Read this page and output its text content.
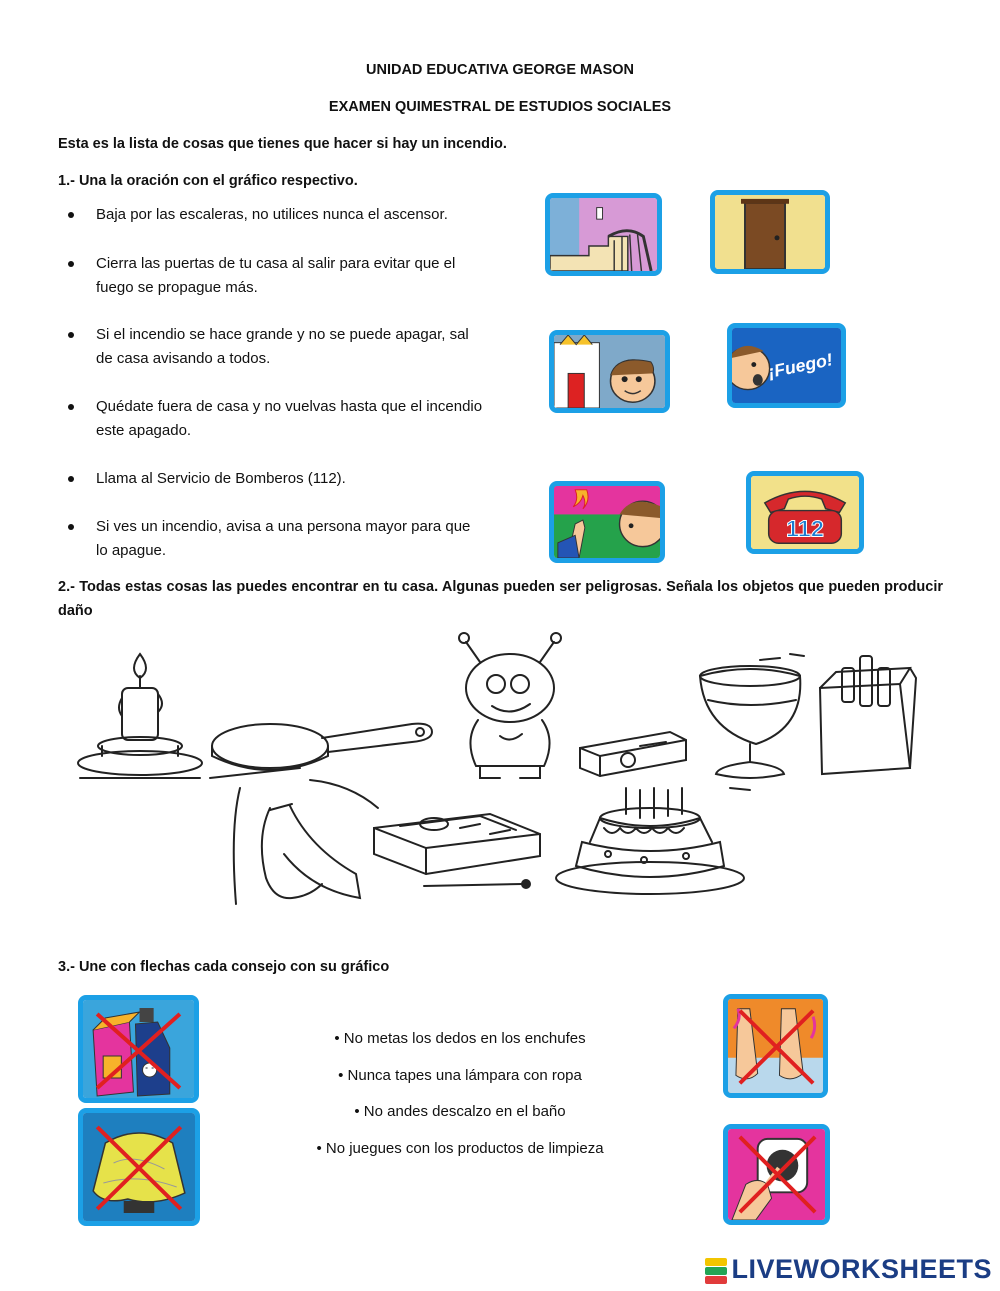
UNIDAD EDUCATIVA GEORGE MASON
EXAMEN QUIMESTRAL DE ESTUDIOS SOCIALES
Esta es la lista de cosas que tienes que hacer si hay un incendio.
1.- Una la oración con el gráfico respectivo.
Baja por las escaleras, no utilices nunca el ascensor.
Cierra las puertas de tu casa al salir para evitar que el fuego se propague más.
Si el incendio se hace grande y no se puede apagar, sal de casa avisando a todos.
Quédate fuera de casa y no vuelvas hasta que el incendio este apagado.
Llama al Servicio de Bomberos (112).
Si ves un incendio, avisa a una persona mayor para que lo apague.
¡Fuego!
112
2.- Todas estas cosas las puedes encontrar en tu casa. Algunas pueden ser peligrosas. Señala los objetos que pueden producir daño
3.- Une con flechas cada consejo con su gráfico
• No metas los dedos en los enchufes
• Nunca tapes una lámpara con ropa
• No andes descalzo en el baño
• No juegues con los productos de limpieza
LIVEWORKSHEETS
